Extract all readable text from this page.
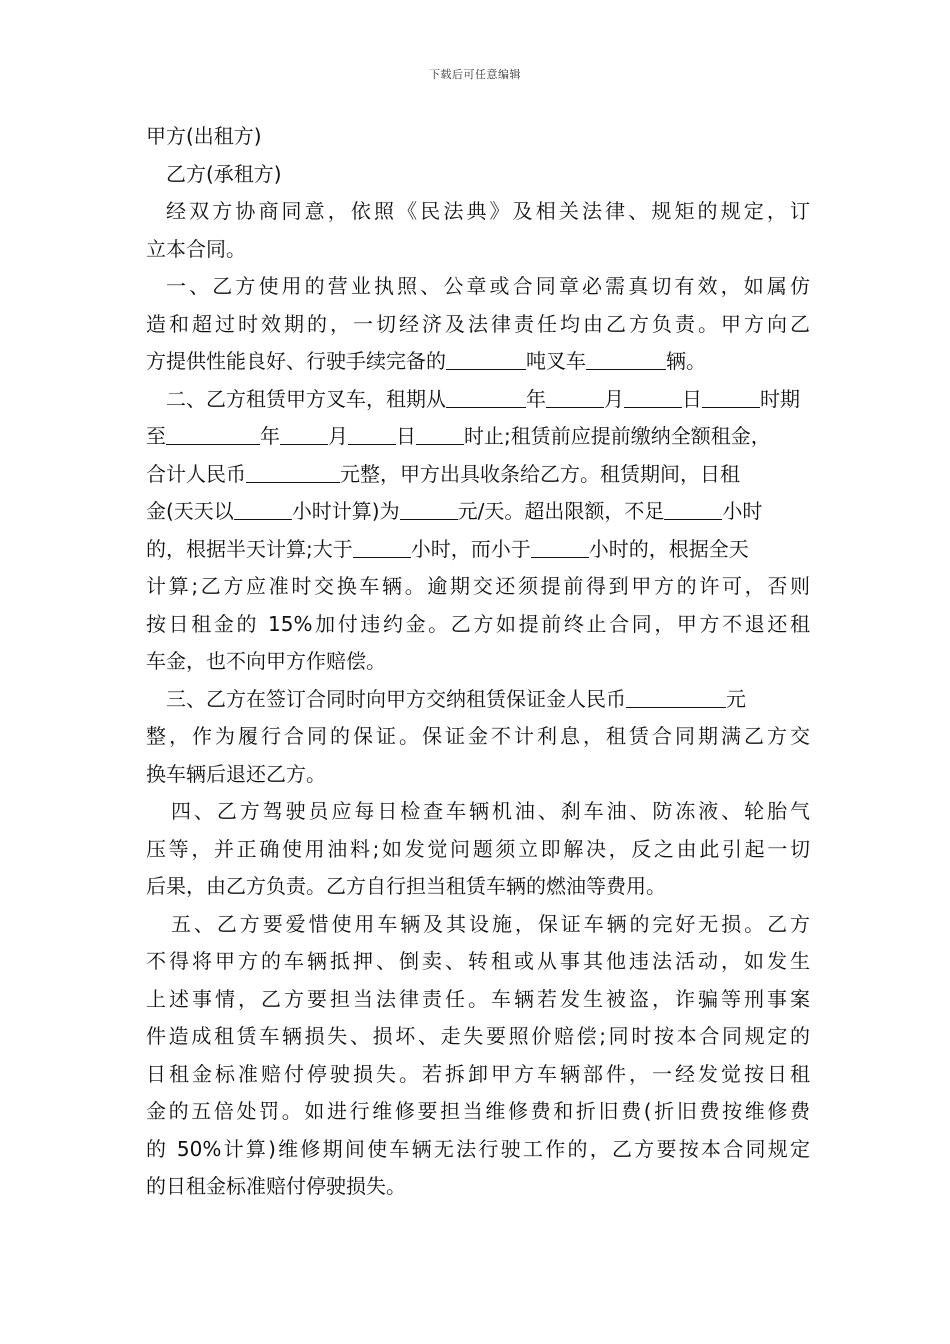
下载后可任意编辑
甲方(出租方)
乙方(承租方)
经双方协商同意，依照《民法典》及相关法律、规矩的规定，订
立本合同。
一、乙方使用的营业执照、公章或合同章必需真切有效，如属仿
造和超过时效期的，一切经济及法律责任均由乙方负责。甲方向乙
方提供性能良好、行驶手续完备的	吨叉车	辆。
二、乙方租赁甲方叉车，租期从	年	月	日	时期
至	年 月 日 时止;租赁前应提前缴纳全额租金，
合计人民币	元整，甲方出具收条给乙方。租赁期间，日租
金(天天以	小时计算)为	元/天。超出限额，不足	小时
的，根据半天计算;大于	小时，而小于	小时的，根据全天
计算;乙方应准时交换车辆。逾期交还须提前得到甲方的许可，否则
按日租金的 15%加付违约金。乙方如提前终止合同，甲方不退还租
车金，也不向甲方作赔偿。
三、乙方在签订合同时向甲方交纳租赁保证金人民币	元
整，作为履行合同的保证。保证金不计利息，租赁合同期满乙方交
换车辆后退还乙方。
四、乙方驾驶员应每日检查车辆机油、刹车油、防冻液、轮胎气
压等，并正确使用油料;如发觉问题须立即解决，反之由此引起一切
后果，由乙方负责。乙方自行担当租赁车辆的燃油等费用。
五、乙方要爱惜使用车辆及其设施，保证车辆的完好无损。乙方
不得将甲方的车辆抵押、倒卖、转租或从事其他违法活动，如发生
上述事情，乙方要担当法律责任。车辆若发生被盗，诈骗等刑事案
件造成租赁车辆损失、损坏、走失要照价赔偿;同时按本合同规定的
日租金标准赔付停驶损失。若拆卸甲方车辆部件，一经发觉按日租
金的五倍处罚。如进行维修要担当维修费和折旧费(折旧费按维修费
的 50%计算)维修期间使车辆无法行驶工作的，乙方要按本合同规定
的日租金标准赔付停驶损失。
